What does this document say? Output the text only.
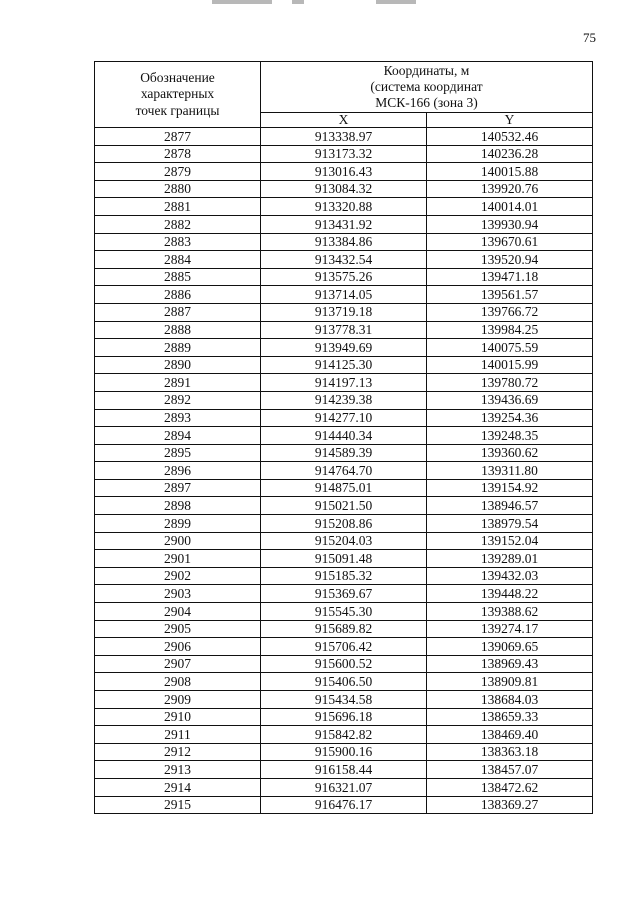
75
Обозначение
характерных
точек границы	Координаты, м
(система координат
МСК-166 (зона 3)	

	X	Y
2877	913338.97	140532.46
2878	913173.32	140236.28
2879	913016.43	140015.88
2880	913084.32	139920.76
2881	913320.88	140014.01
2882	913431.92	139930.94
2883	913384.86	139670.61
2884	913432.54	139520.94
2885	913575.26	139471.18
2886	913714.05	139561.57
2887	913719.18	139766.72
2888	913778.31	139984.25
2889	913949.69	140075.59
2890	914125.30	140015.99
2891	914197.13	139780.72
2892	914239.38	139436.69
2893	914277.10	139254.36
2894	914440.34	139248.35
2895	914589.39	139360.62
2896	914764.70	139311.80
2897	914875.01	139154.92
2898	915021.50	138946.57
2899	915208.86	138979.54
2900	915204.03	139152.04
2901	915091.48	139289.01
2902	915185.32	139432.03
2903	915369.67	139448.22
2904	915545.30	139388.62
2905	915689.82	139274.17
2906	915706.42	139069.65
2907	915600.52	138969.43
2908	915406.50	138909.81
2909	915434.58	138684.03
2910	915696.18	138659.33
2911	915842.82	138469.40
2912	915900.16	138363.18
2913	916158.44	138457.07
2914	916321.07	138472.62
2915	916476.17	138369.27
